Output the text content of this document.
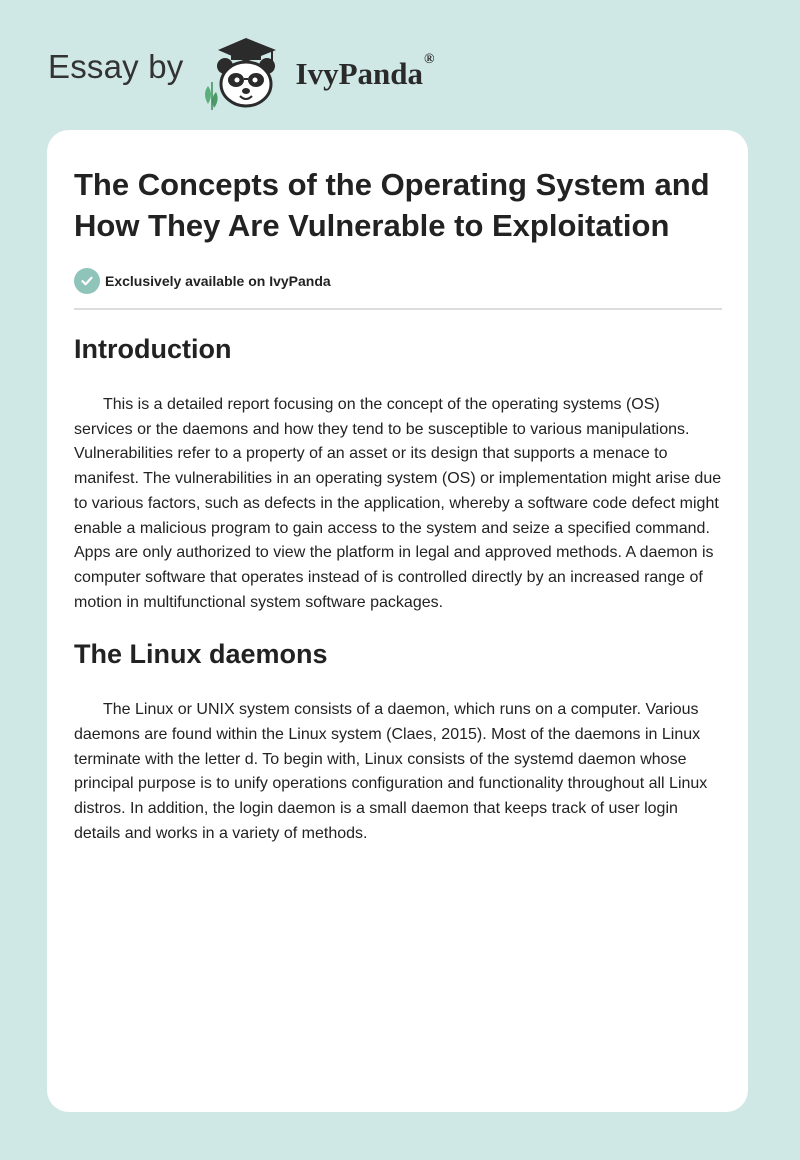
Essay by	IvyPanda®
The Concepts of the Operating System and How They Are Vulnerable to Exploitation
Exclusively available on IvyPanda
Introduction

This is a detailed report focusing on the concept of the operating systems (OS) services or the daemons and how they tend to be susceptible to various manipulations. Vulnerabilities refer to a property of an asset or its design that supports a menace to manifest. The vulnerabilities in an operating system (OS) or implementation might arise due to various factors, such as defects in the application, whereby a software code defect might enable a malicious program to gain access to the system and seize a specified command. Apps are only authorized to view the platform in legal and approved methods. A daemon is computer software that operates instead of is controlled directly by an increased range of motion in multifunctional system software packages.

The Linux daemons

The Linux or UNIX system consists of a daemon, which runs on a computer. Various daemons are found within the Linux system (Claes, 2015). Most of the daemons in Linux terminate with the letter d. To begin with, Linux consists of the systemd daemon whose principal purpose is to unify operations configuration and functionality throughout all Linux distros. In addition, the login daemon is a small daemon that keeps track of user login details and works in a variety of methods.
